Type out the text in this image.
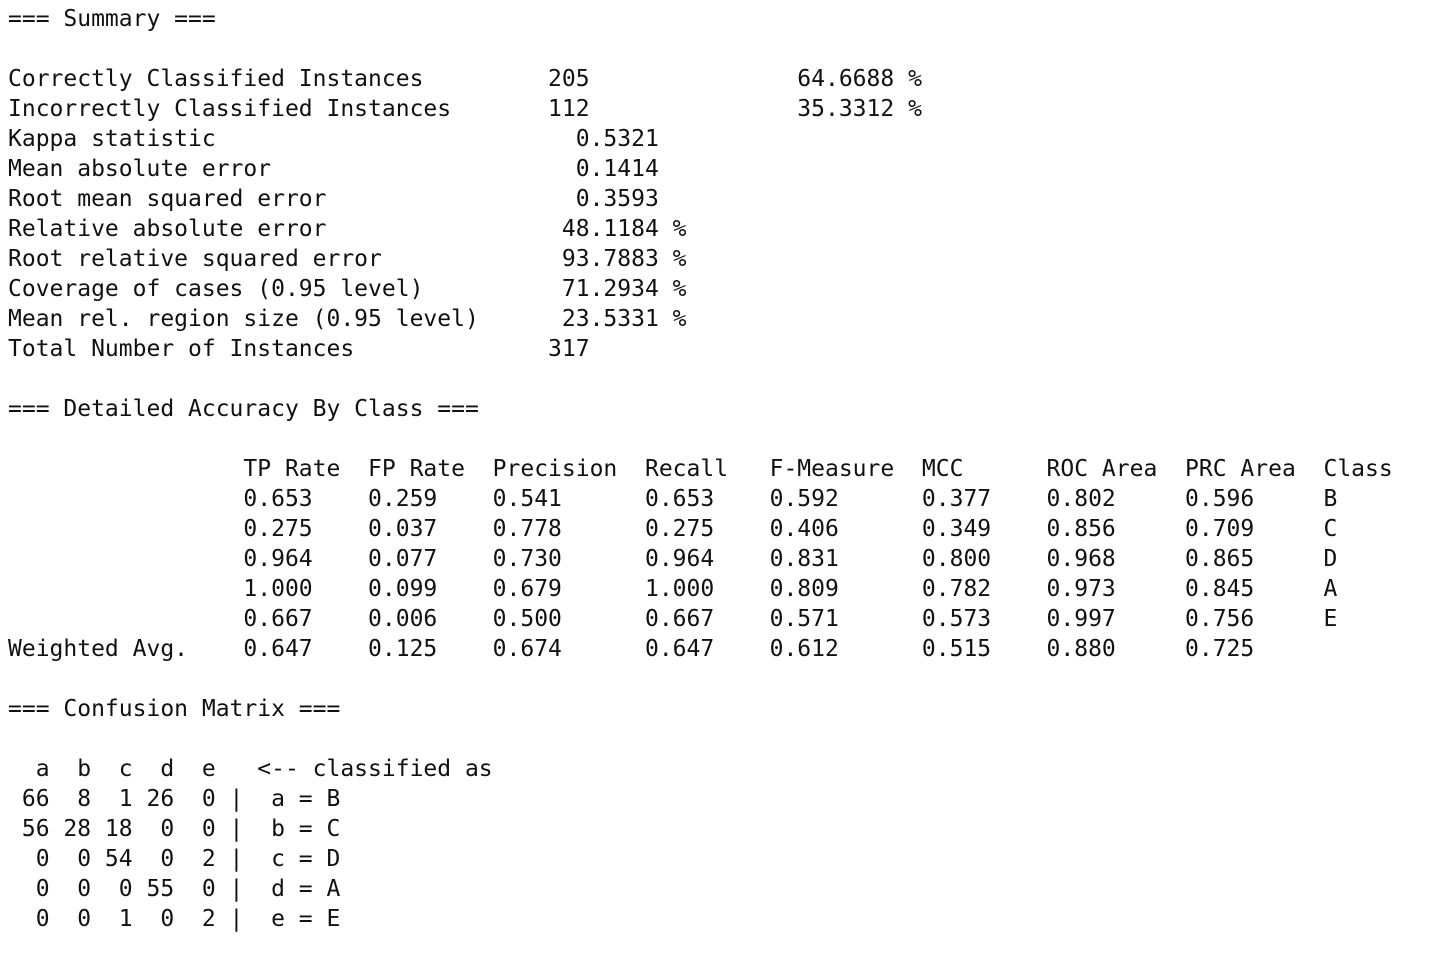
=== Summary ===

Correctly Classified Instances         205               64.6688 %
Incorrectly Classified Instances       112               35.3312 %
Kappa statistic                          0.5321
Mean absolute error                      0.1414
Root mean squared error                  0.3593
Relative absolute error                 48.1184 %
Root relative squared error             93.7883 %
Coverage of cases (0.95 level)          71.2934 %
Mean rel. region size (0.95 level)      23.5331 %
Total Number of Instances              317

=== Detailed Accuracy By Class ===

TP Rate  FP Rate  Precision  Recall   F-Measure  MCC      ROC Area  PRC Area  Class
0.653    0.259    0.541      0.653    0.592      0.377    0.802     0.596     B
0.275    0.037    0.778      0.275    0.406      0.349    0.856     0.709     C
0.964    0.077    0.730      0.964    0.831      0.800    0.968     0.865     D
1.000    0.099    0.679      1.000    0.809      0.782    0.973     0.845     A
0.667    0.006    0.500      0.667    0.571      0.573    0.997     0.756     E
Weighted Avg.    0.647    0.125    0.674      0.647    0.612      0.515    0.880     0.725

=== Confusion Matrix ===

a  b  c  d  e   <-- classified as
66  8  1 26  0 |  a = B
56 28 18  0  0 |  b = C
0  0 54  0  2 |  c = D
0  0  0 55  0 |  d = A
0  0  1  0  2 |  e = E
